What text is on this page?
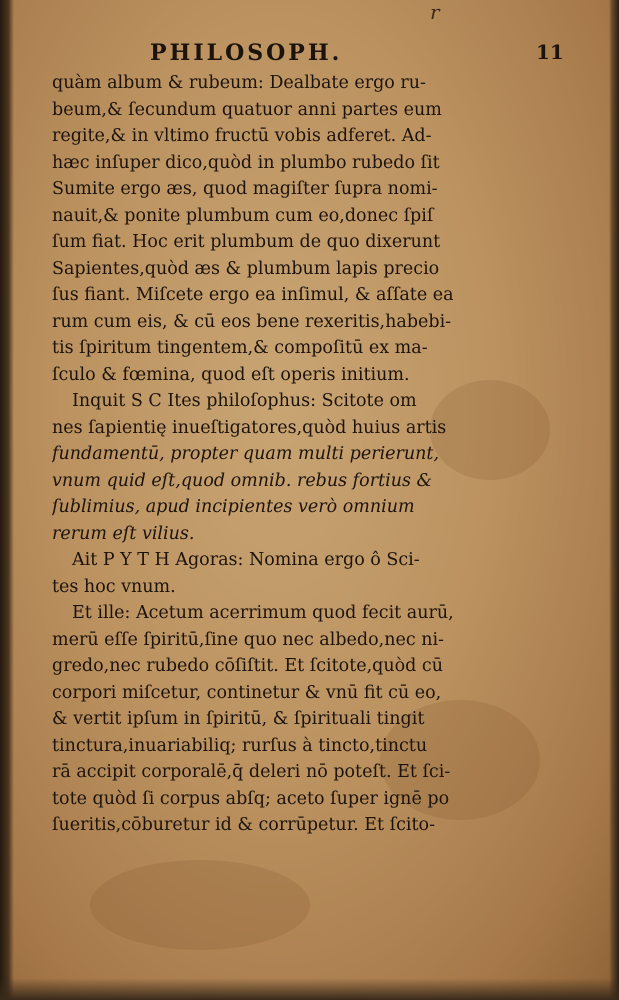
r
PHILOSOPH.	11
quàm album & rubeum: Dealbate ergo ru-
beum,& ſecundum quatuor anni partes eum
regite,& in vltimo fructū vobis adferet. Ad-
hæc inſuper dico,quòd in plumbo rubedo ſit
Sumite ergo æs, quod magiſter ſupra nomi-
nauit,& ponite plumbum cum eo,donec ſpiſ
ſum fiat. Hoc erit plumbum de quo dixerunt
Sapientes,quòd æs & plumbum lapis precio
ſus fiant. Miſcete ergo ea inſimul, & aſſate ea
rum cum eis, & cū eos bene rexeritis,habebi-
tis ſpiritum tingentem,& compoſitū ex ma-
ſculo & fœmina, quod eſt operis initium.
Inquit S C Ites philoſophus: Scitote om
nes ſapientię inueſtigatores,quòd huius artis
fundamentū, propter quam multi perierunt,
vnum quid eſt,quod omnib. rebus fortius &
ſublimius, apud incipientes verò omnium
rerum eſt vilius.
Ait P Y T H Agoras: Nomina ergo ô Sci-
tes hoc vnum.
Et ille: Acetum acerrimum quod fecit aurū,
merū eſſe ſpiritū,ſine quo nec albedo,nec ni-
gredo,nec rubedo cōſiſtit. Et ſcitote,quòd cū
corpori miſcetur, continetur & vnū fit cū eo,
& vertit ipſum in ſpiritū, & ſpirituali tingit
tinctura,inuariabiliq; rurſus à tincto,tinctu
rā accipit corporalē,q̄ deleri nō poteſt. Et ſci-
tote quòd ſi corpus abſq; aceto ſuper ignē po
ſueritis,cōburetur id & corrūpetur. Et ſcito-
